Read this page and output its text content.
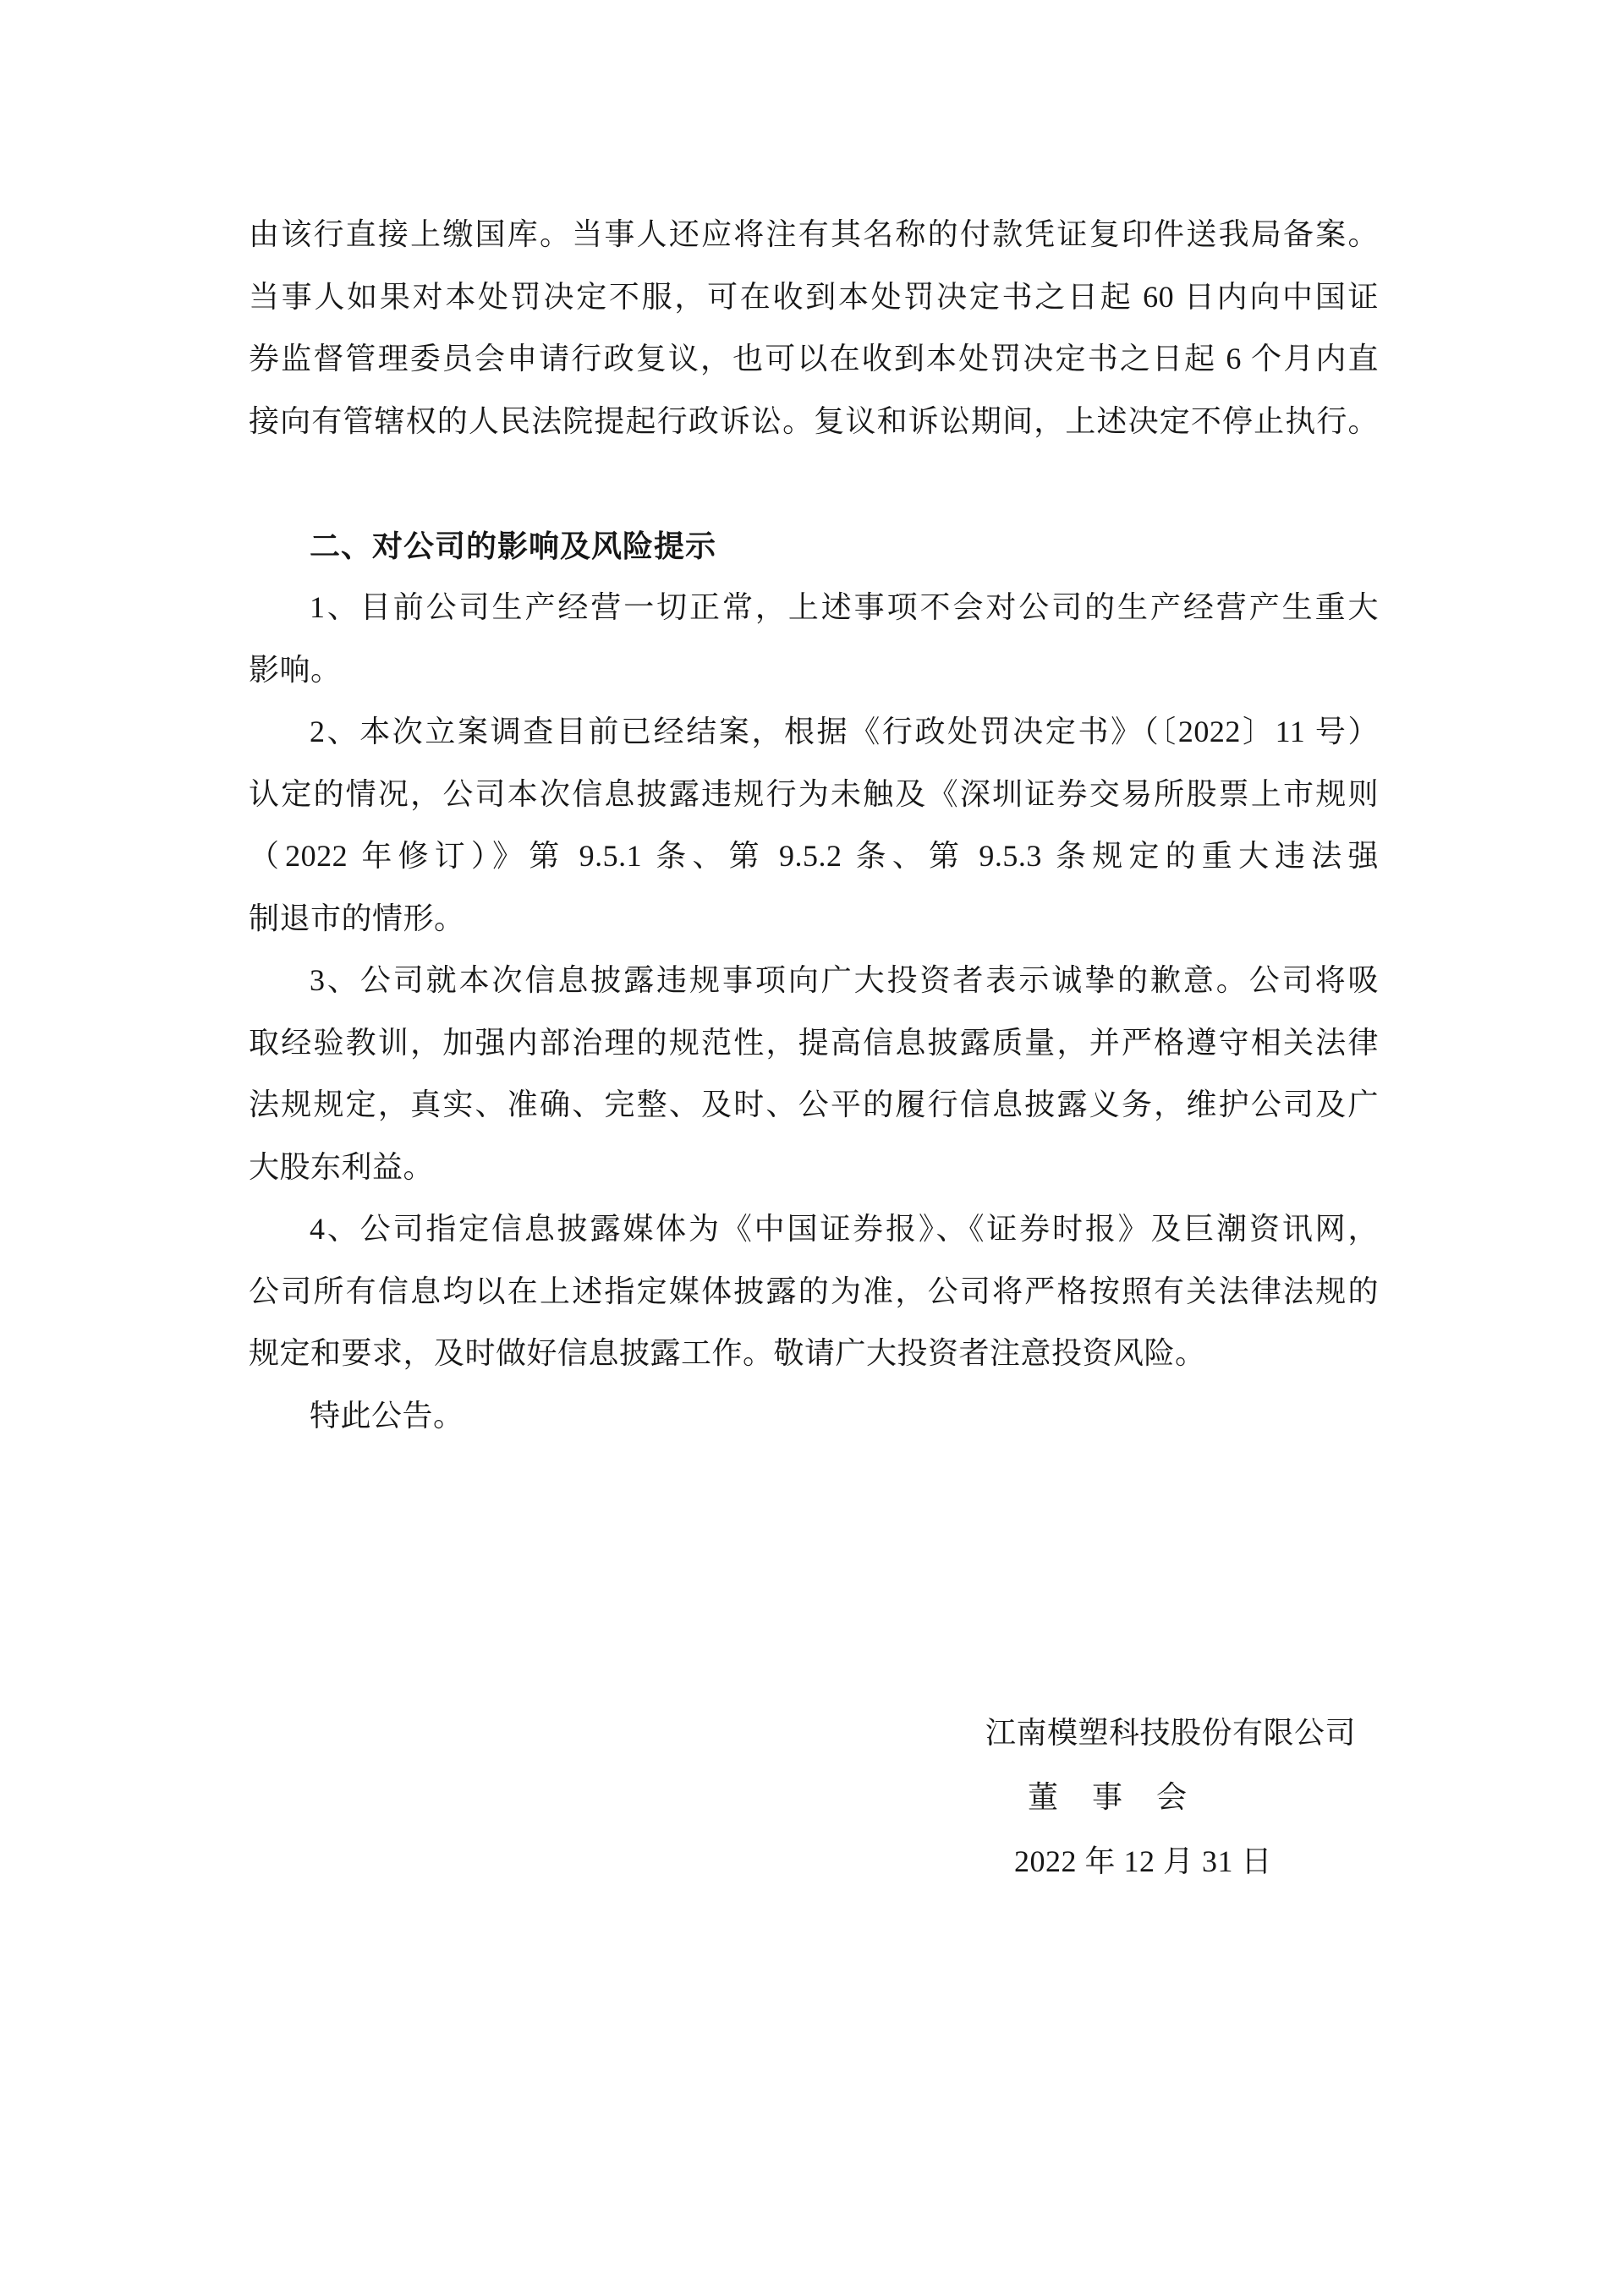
由该行直接上缴国库。当事人还应将注有其名称的付款凭证复印件送我局备案。
当事人如果对本处罚决定不服，可在收到本处罚决定书之日起 60 日内向中国证
券监督管理委员会申请行政复议，也可以在收到本处罚决定书之日起 6 个月内直
接向有管辖权的人民法院提起行政诉讼。复议和诉讼期间，上述决定不停止执行。
二、对公司的影响及风险提示
1、目前公司生产经营一切正常，上述事项不会对公司的生产经营产生重大
影响。
2、本次立案调查目前已经结案，根据《行政处罚决定书》（〔2022〕11 号）
认定的情况，公司本次信息披露违规行为未触及《深圳证券交易所股票上市规则
（2022 年修订）》第 9.5.1 条、第 9.5.2 条、第 9.5.3 条规定的重大违法强
制退市的情形。
3、公司就本次信息披露违规事项向广大投资者表示诚挚的歉意。公司将吸
取经验教训，加强内部治理的规范性，提高信息披露质量，并严格遵守相关法律
法规规定，真实、准确、完整、及时、公平的履行信息披露义务，维护公司及广
大股东利益。
4、公司指定信息披露媒体为《中国证券报》、《证券时报》及巨潮资讯网，
公司所有信息均以在上述指定媒体披露的为准，公司将严格按照有关法律法规的
规定和要求，及时做好信息披露工作。敬请广大投资者注意投资风险。
特此公告。
江南模塑科技股份有限公司
董　事　会
2022 年 12 月 31 日
